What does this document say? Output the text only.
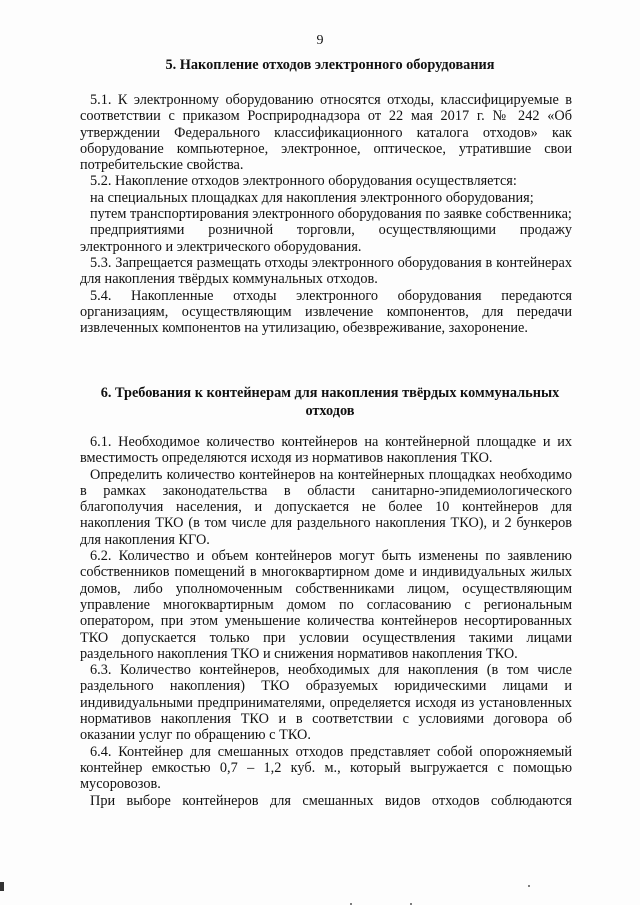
9
5. Накопление отходов электронного оборудования

5.1. К электронному оборудованию относятся отходы, классифицируемые в соответствии с приказом Росприроднадзора от 22 мая 2017 г. № 242 «Об утверждении Федерального классификационного каталога отходов» как оборудование компьютерное, электронное, оптическое, утратившие свои потребительские свойства.

5.2. Накопление отходов электронного оборудования осуществляется:

на специальных площадках для накопления электронного оборудования;

путем транспортирования электронного оборудования по заявке собственника;

предприятиями розничной торговли, осуществляющими продажу электронного и электрического оборудования.

5.3. Запрещается размещать отходы электронного оборудования в контейнерах для накопления твёрдых коммунальных отходов.

5.4. Накопленные отходы электронного оборудования передаются организациям, осуществляющим извлечение компонентов, для передачи извлеченных компонентов на утилизацию, обезвреживание, захоронение.

6. Требования к контейнерам для накопления твёрдых коммунальных
отходов

6.1. Необходимое количество контейнеров на контейнерной площадке и их вместимость определяются исходя из нормативов накопления ТКО.

Определить количество контейнеров на контейнерных площадках необходимо в рамках законодательства в области санитарно-эпидемиологического благополучия населения, и допускается не более 10 контейнеров для накопления ТКО (в том числе для раздельного накопления ТКО), и 2 бункеров для накопления КГО.

6.2. Количество и объем контейнеров могут быть изменены по заявлению собственников помещений в многоквартирном доме и индивидуальных жилых домов, либо уполномоченным собственниками лицом, осуществляющим управление многоквартирным домом по согласованию с региональным оператором, при этом уменьшение количества контейнеров несортированных ТКО допускается только при условии осуществления такими лицами раздельного накопления ТКО и снижения нормативов накопления ТКО.

6.3. Количество контейнеров, необходимых для накопления (в том числе раздельного накопления) ТКО образуемых юридическими лицами и индивидуальными предпринимателями, определяется исходя из установленных нормативов накопления ТКО и в соответствии с условиями договора об оказании услуг по обращению с ТКО.

6.4. Контейнер для смешанных отходов представляет собой опорожняемый контейнер емкостью 0,7 – 1,2 куб. м., который выгружается с помощью мусоровозов.

При выборе контейнеров для смешанных видов отходов соблюдаются
